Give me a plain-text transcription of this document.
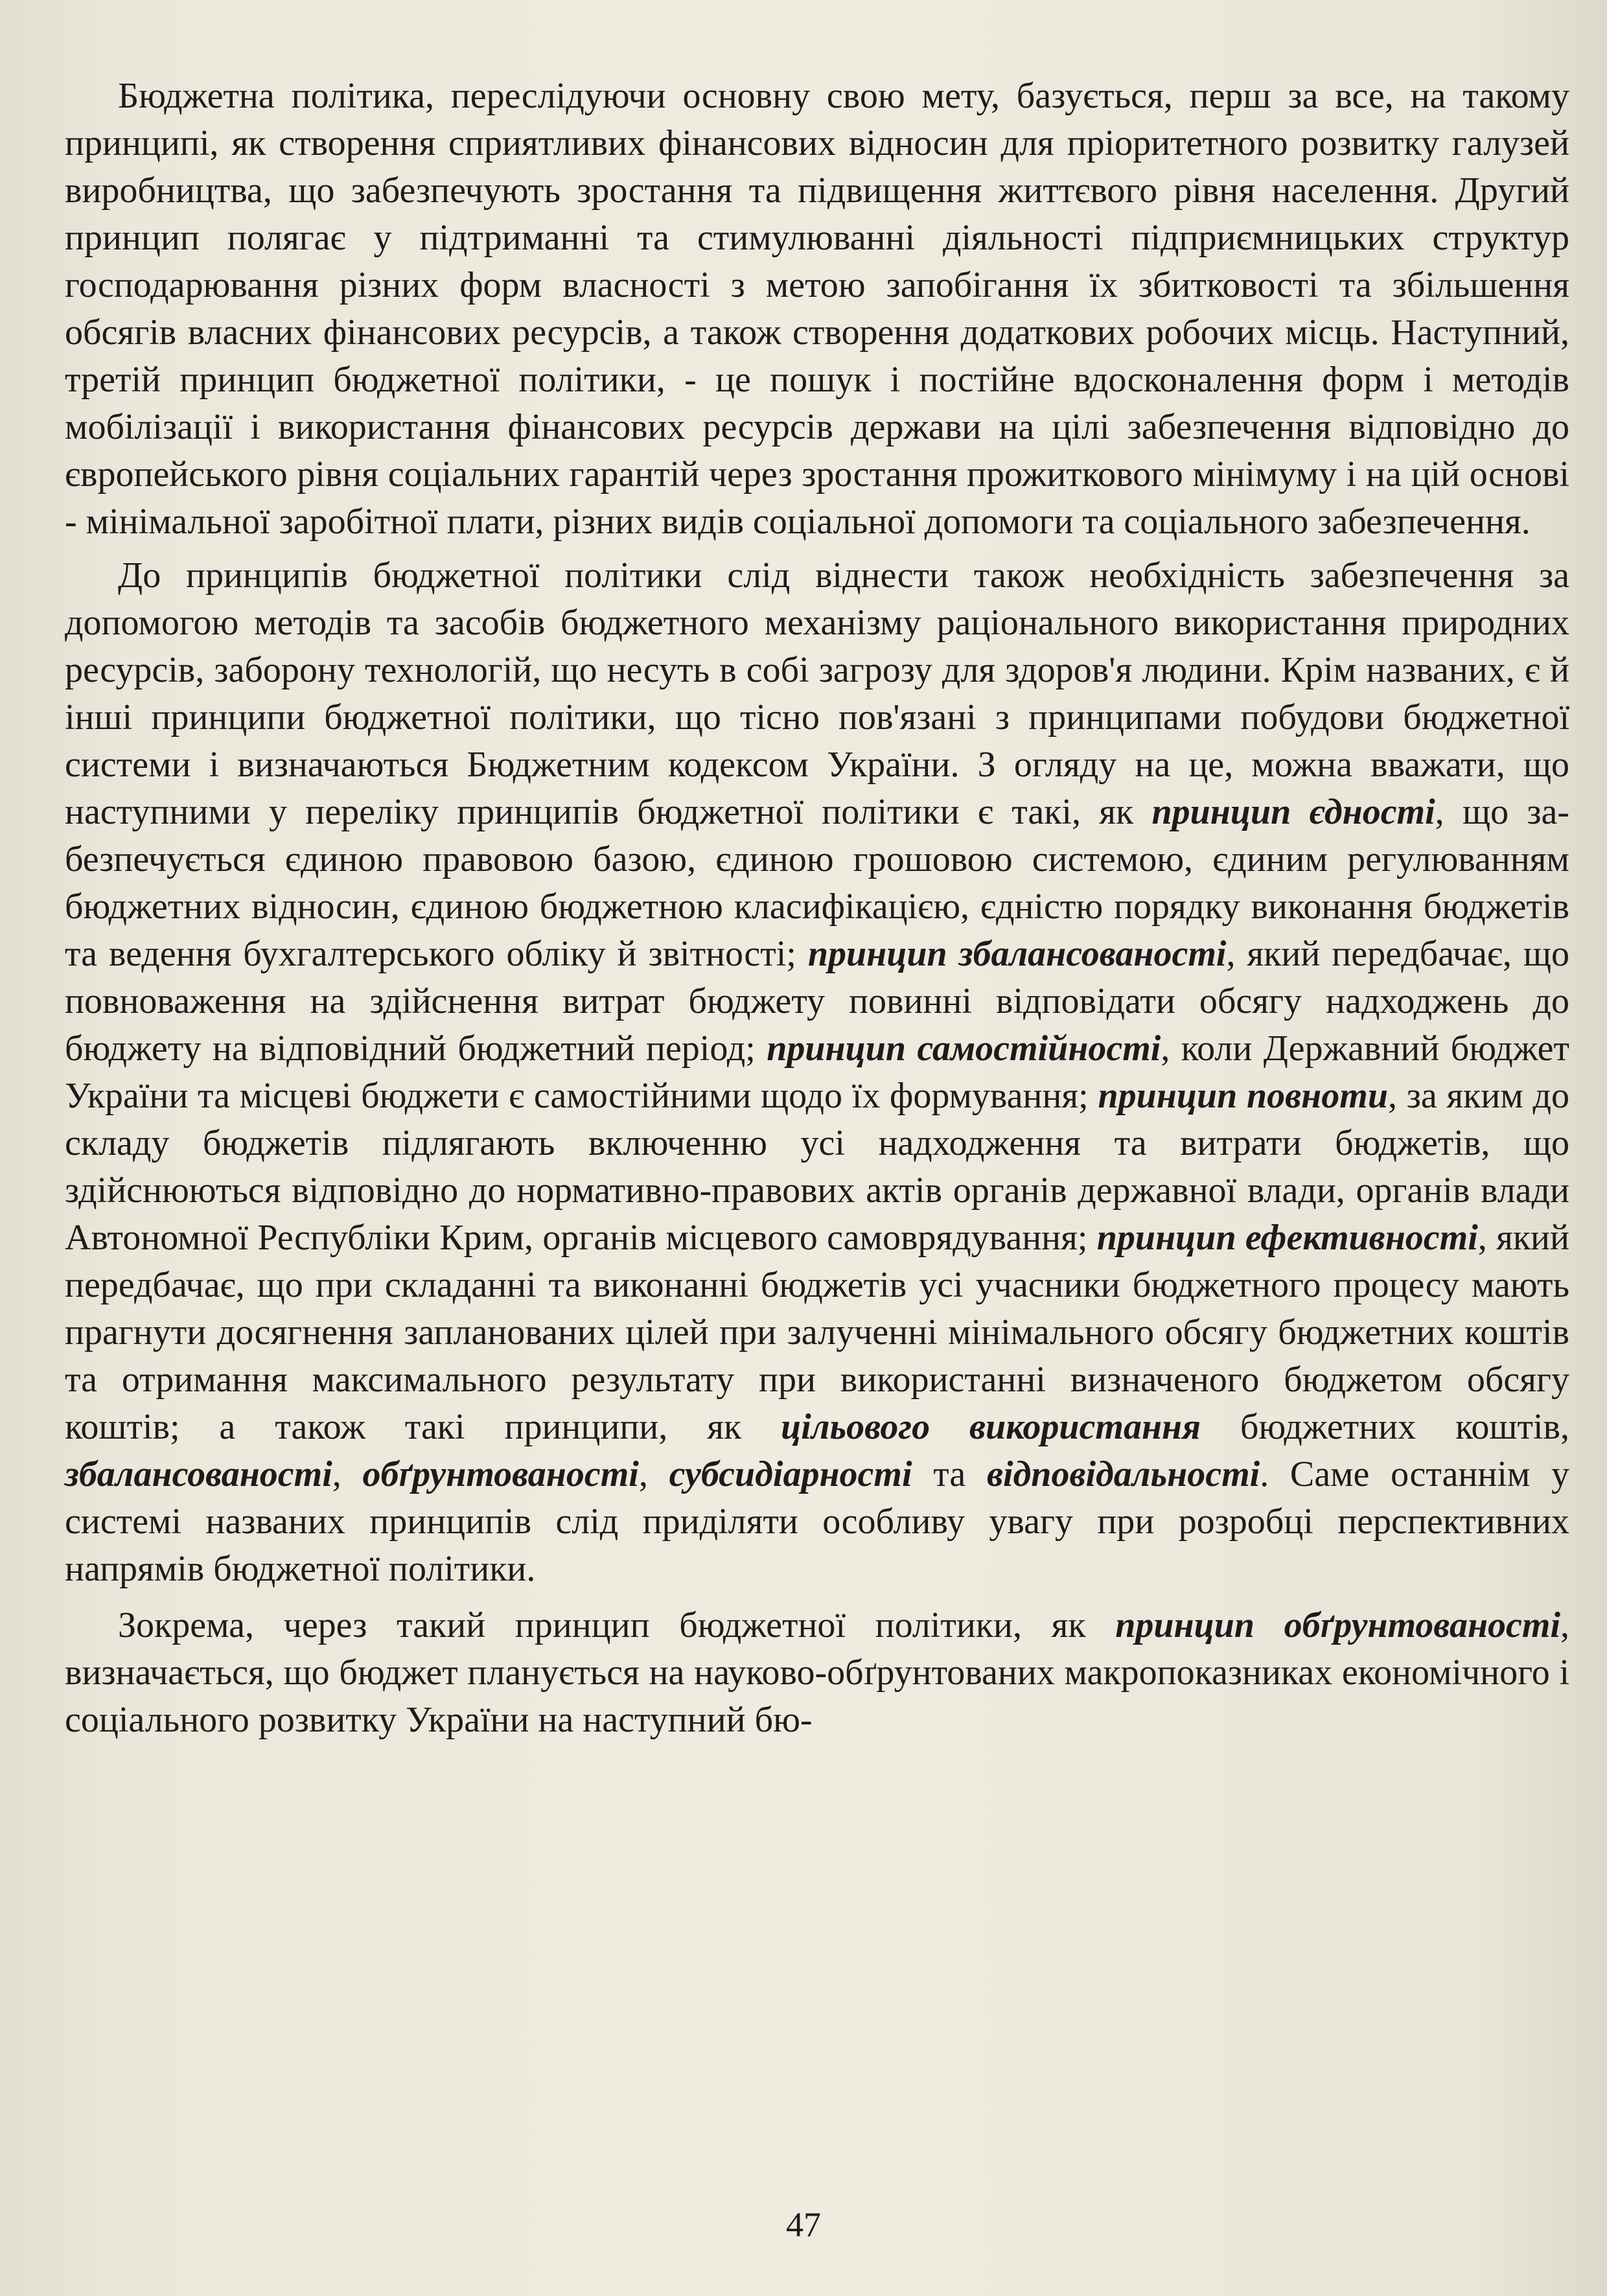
Бюджетна політика, переслідуючи основну свою мету, базується, перш за все, на такому принципі, як створення сприятливих фінансових відносин для пріоритетного розвитку галузей виробництва, що забезпечують зростання та підвищення життєвого рівня населення. Другий принцип полягає у підтриманні та стимулюванні діяльності підприємницьких структур господарювання різних форм власності з метою запобігання їх збитковості та збільшення обсягів власних фінансових ресурсів, а також створення додаткових робочих місць. Наступний, третій принцип бюджетної політики, - це пошук і постійне вдосконалення форм і методів мобілізації і використання фінансових ресурсів держави на цілі забезпечення відповідно до європейського рівня соціальних гарантій через зростання прожиткового мінімуму і на цій основі - мінімальної заробітної плати, різних видів соціальної допомоги та соціального забезпечення.

До принципів бюджетної політики слід віднести також необхідність забезпечення за допомогою методів та засобів бюджетного механізму раціонального використання природних ресурсів, заборону технологій, що несуть в собі загрозу для здоров'я людини. Крім названих, є й інші принципи бюджетної політики, що тісно пов'язані з принципами побудови бюджетної системи і визначаються Бюджетним кодексом України. З огляду на це, можна вважати, що наступними у переліку принципів бюджетної політики є такі, як принцип єдності, що забезпечується єдиною правовою базою, єдиною грошовою системою, єдиним регулюванням бюджетних відносин, єдиною бюджетною класифікацією, єдністю порядку виконання бюджетів та ведення бухгалтерського обліку й звітності; принцип збалансованості, який передбачає, що повноваження на здійснення витрат бюджету повинні відповідати обсягу надходжень до бюджету на відповідний бюджетний період; принцип самостійності, коли Державний бюджет України та місцеві бюджети є самостійними щодо їх формування; принцип повноти, за яким до складу бюджетів підлягають включенню усі надходження та витрати бюджетів, що здійснюються відповідно до нормативно-правових актів органів державної влади, органів влади Автономної Республіки Крим, органів місцевого самоврядування; принцип ефективності, який передбачає, що при складанні та виконанні бюджетів усі учасники бюджетного процесу мають прагнути досягнення запланованих цілей при залученні мінімального обсягу бюджетних коштів та отримання максимального результату при використанні визначеного бюджетом обсягу коштів; а також такі принципи, як цільового використання бюджетних коштів, збалансованості, обґрунтованості, субсидіарності та відповідальності. Саме останнім у системі названих принципів слід приділяти особливу увагу при розробці перспективних напрямів бюджетної політики.

Зокрема, через такий принцип бюджетної політики, як принцип обґрунтованості, визначається, що бюджет планується на науково-обґрунтованих макропоказниках економічного і соціального розвитку України на наступний бю-

47
